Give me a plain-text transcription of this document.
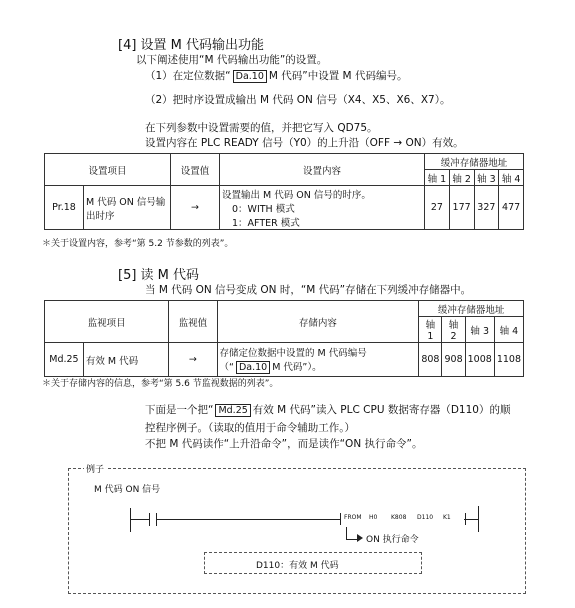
[4] 设置 M 代码输出功能
以下阐述使用“M 代码输出功能”的设置。
（1）在定位数据“ Da.10 M 代码”中设置 M 代码编号。
（2）把时序设置成输出 M 代码 ON 信号（X4、X5、X6、X7）。
在下列参数中设置需要的值，并把它写入 QD75。
设置内容在 PLC READY 信号（Y0）的上升沿（OFF → ON）有效。
设置项目		设置值	设置内容	缓冲存储器地址			
				轴 1	轴 2	轴 3	轴 4
Pr.18	M 代码 ON 信号输出时序	→	设置输出 M 代码 ON 信号的时序。
0：WITH 模式
1：AFTER 模式	27	177	327	477
＊关于设置内容，参考“第 5.2 节参数的列表”。
[5] 读 M 代码
当 M 代码 ON 信号变成 ON 时，“M 代码”存储在下列缓冲存储器中。
监视项目		监视值	存储内容	缓冲存储器地址			
				轴 1	轴 2	轴 3	轴 4
Md.25	有效 M 代码	→	存储定位数据中设置的 M 代码编号
（“ Da.10 M 代码”）。	808	908	1008	1108
＊关于存储内容的信息，参考“第 5.6 节监视数据的列表”。
下面是一个把“ Md.25 有效 M 代码”读入 PLC CPU 数据寄存器（D110）的顺
控程序例子。（读取的值用于命令辅助工作。）
不把 M 代码读作“上升沿命令”，而是读作“ON 执行命令”。
例子
M 代码 ON 信号
FROM H0 K808 D110 K1
ON 执行命令
D110：有效 M 代码
